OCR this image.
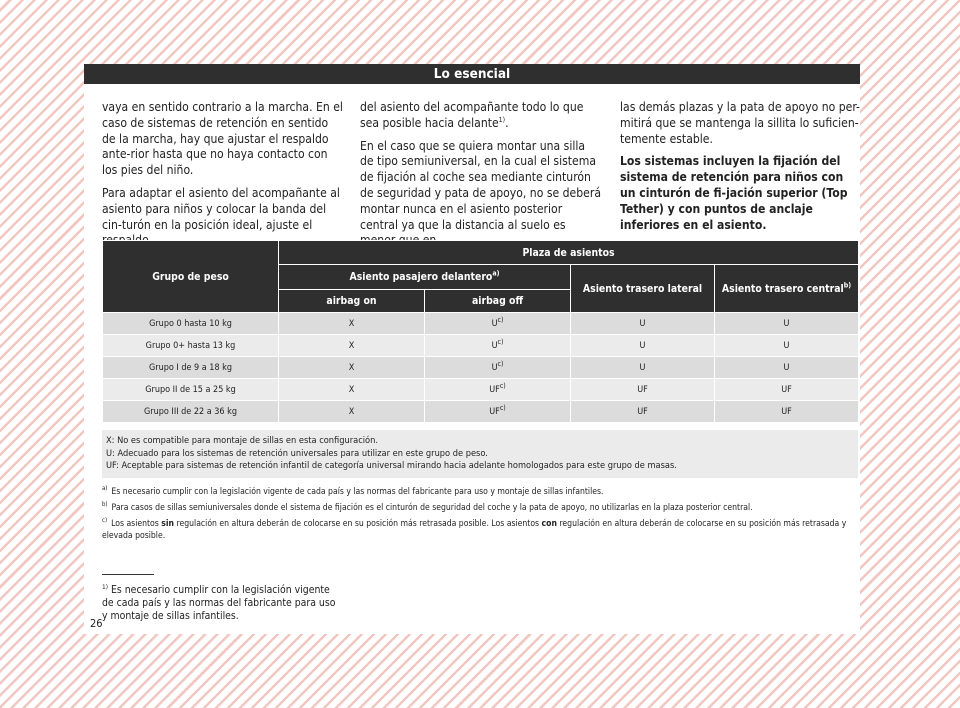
Lo esencial

vaya en sentido contrario a la marcha. En el caso de sistemas de retención en sentido de la marcha, hay que ajustar el respaldo ante-rior hasta que no haya contacto con los pies del niño.

Para adaptar el asiento del acompañante al asiento para niños y colocar la banda del cin-turón en la posición ideal, ajuste el

del asiento del acompañante todo lo que sea posible hacia delante$^{1)}$.

En el caso que se quiera montar una silla de tipo semiuniversal, en la cual el sistema de fijación al coche sea mediante cinturón de seguridad y pata de apoyo, no se deberá montar nunca en el asiento posterior central ya que la distancia al suelo es

las demás plazas y la pata de apoyo no per-mitirá que se mantenga la sillita lo suficien-temente estable.

Los sistemas incluyen la fijación del sistema de retención para niños con un cinturón de fi-jación superior (Top Tether) y con puntos de anclaje inferiores en el asiento.

Grupo de peso	Plaza de asientos			
	Asiento pasajero delantero$^{a)}$		Asiento trasero lateral	Asiento trasero central$^{b)}$
	airbag on	airbag off		
Grupo 0 hasta 10 kg	X	$U^{c)}$	U	U
Grupo 0+ hasta 13 kg	X	$U^{c)}$	U	U
Grupo I de 9 a 18 kg	X	$U^{c)}$	U	U
Grupo II de 15 a 25 kg	X	UF$^{c)}$	UF	UF
Grupo III de 22 a 36 kg	X	UF$^{c)}$	UF	UF
X: No es compatible para montaje de sillas en esta configuración.
U: Adecuado para los sistemas de retención universales para utilizar en este grupo de peso.
UF: Aceptable para sistemas de retención infantil de categoría universal mirando hacia adelante homologados para este grupo de masas.
$^{a)}$ Es necesario cumplir con la legislación vigente de cada país y las normas del fabricante para uso y montaje de sillas infantiles.
$^{b)}$ Para casos de sillas semiuniversales donde el sistema de fijación es el cinturón de seguridad del coche y la pata de apoyo, no utilizarlas en la plaza posterior central.
$^{c)}$ Los asientos sin regulación en altura deberán de colocarse en su posición más retrasada posible. Los asientos con regulación en altura deberán de colocarse en su posición más retrasada y elevada posible.
$^{1)}$ Es necesario cumplir con la legislación vigente de cada país y las normas del fabricante para uso y montaje de sillas infantiles.
26
